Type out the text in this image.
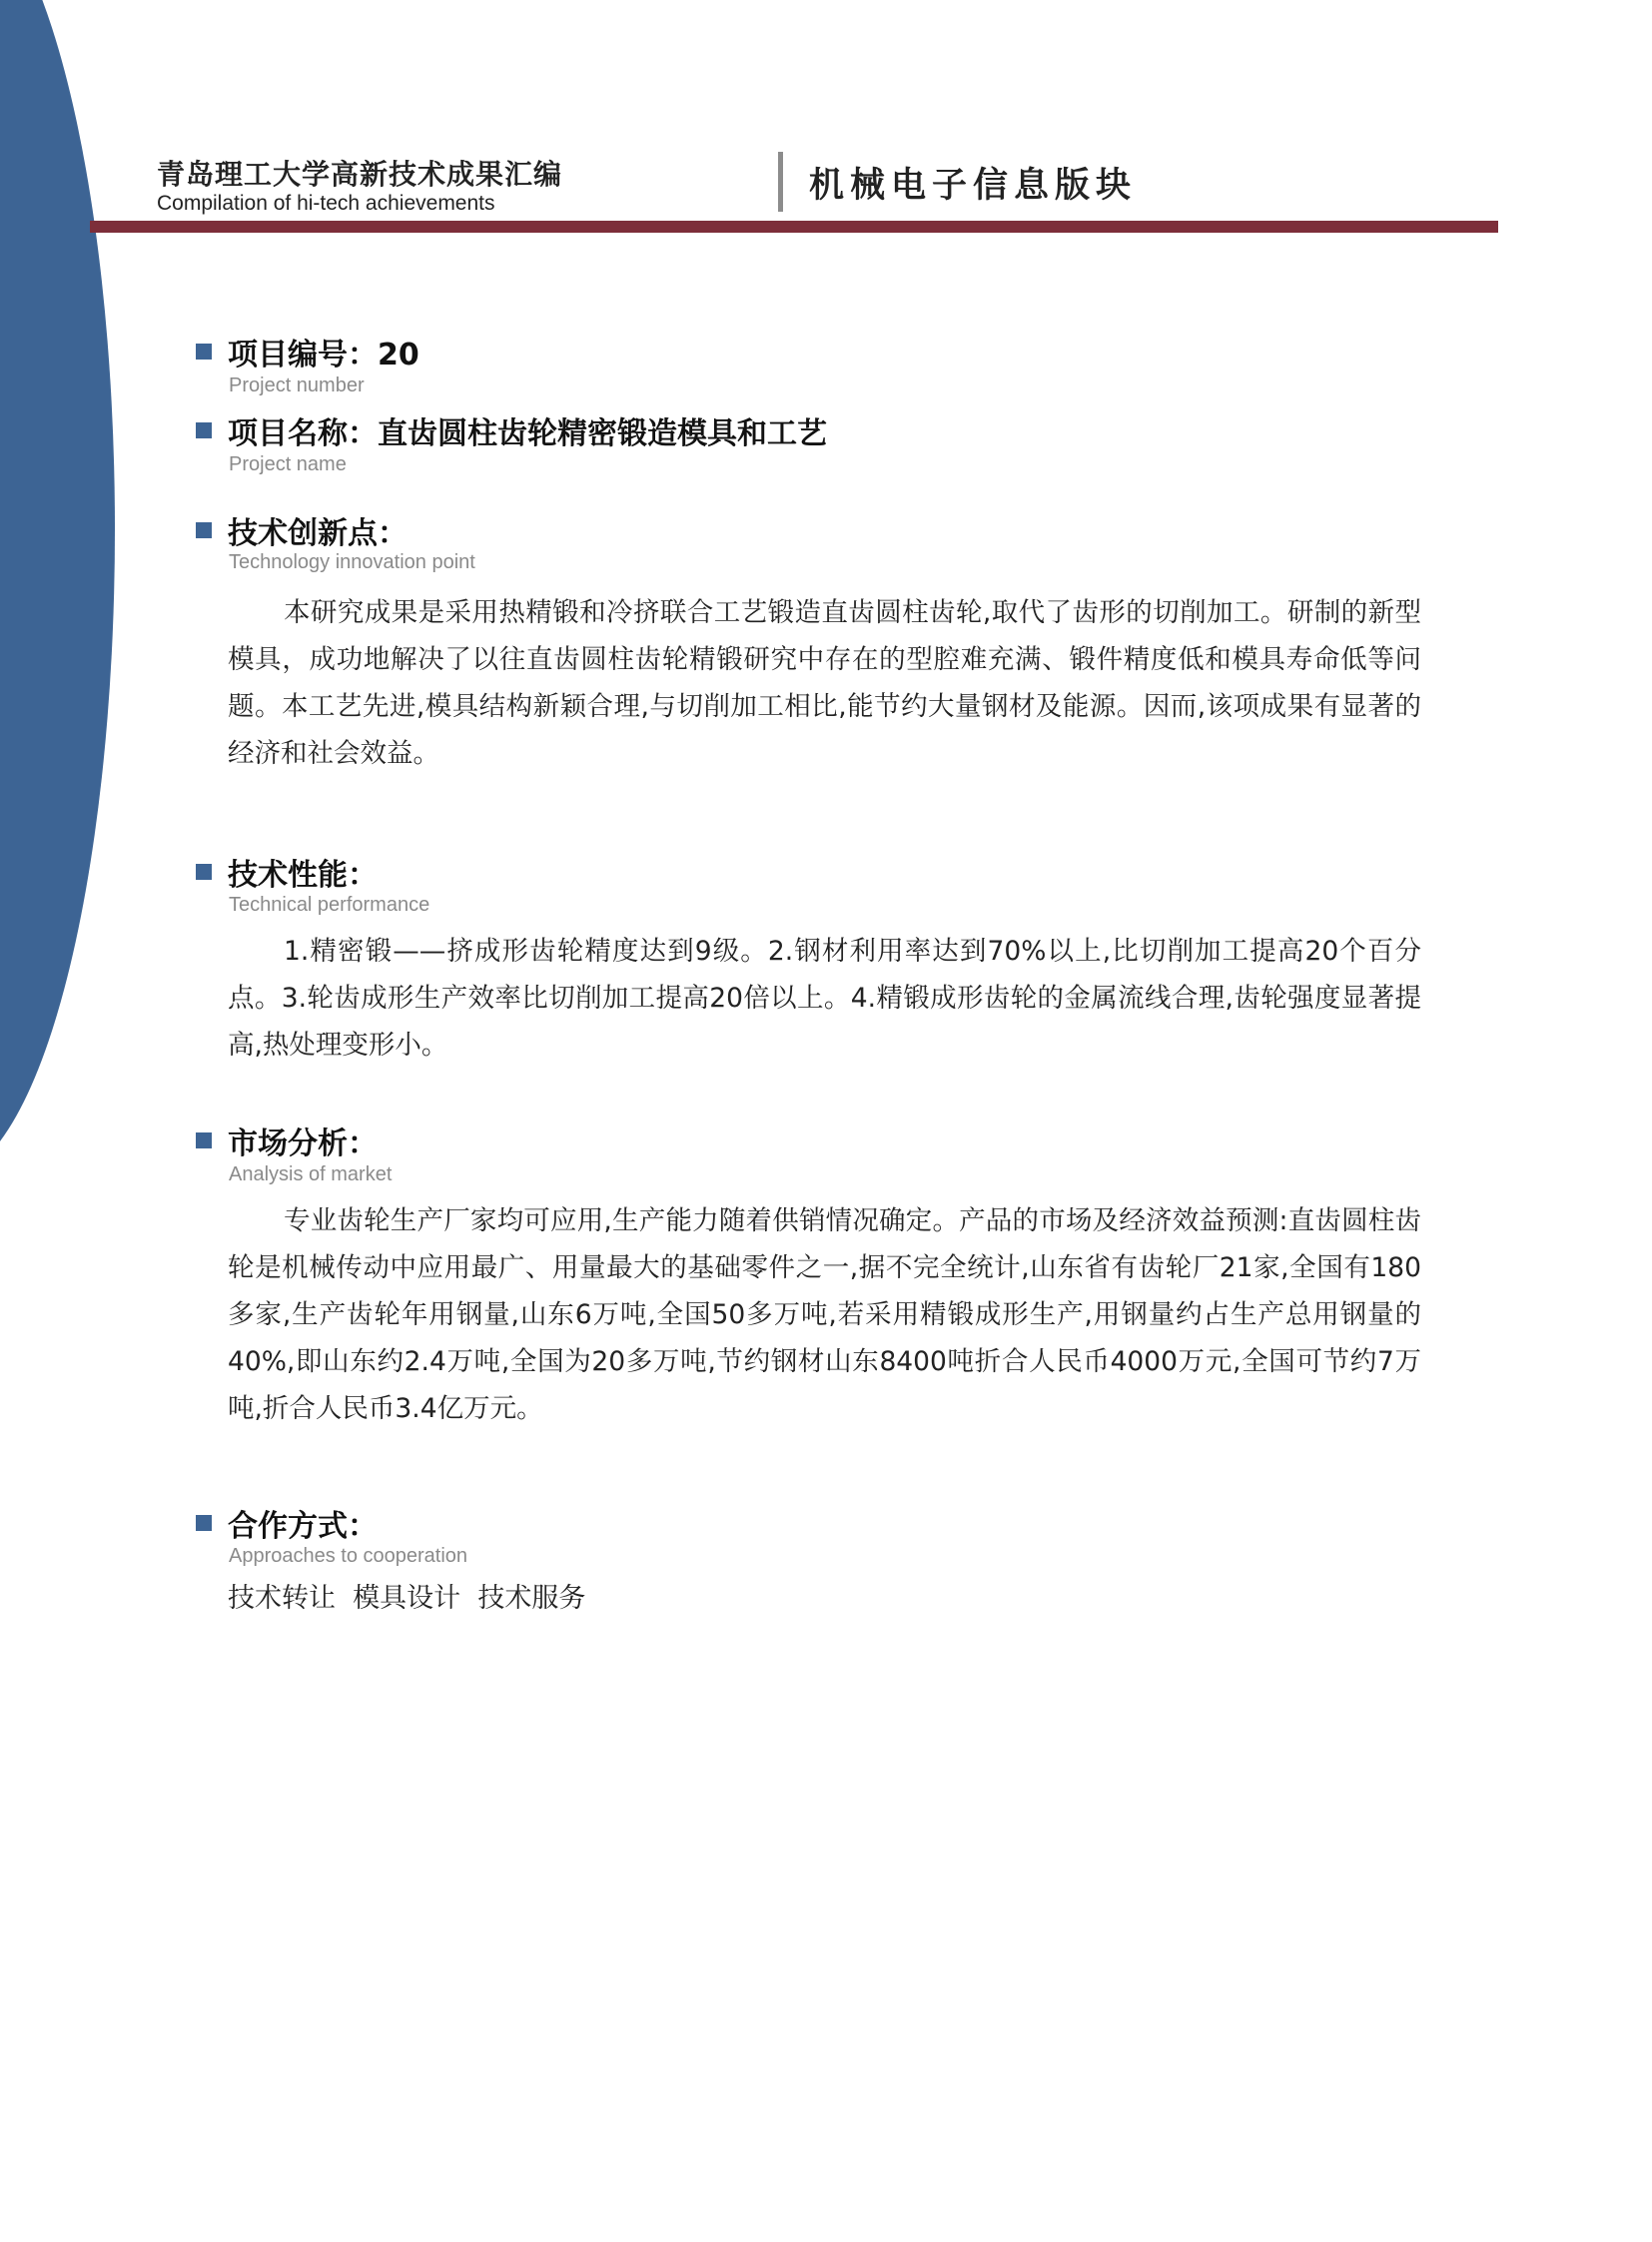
青岛理工大学高新技术成果汇编
Compilation of hi-tech achievements	机械电子信息版块
项目编号：20
Project number
项目名称：直齿圆柱齿轮精密锻造模具和工艺
Project name
技术创新点：
Technology innovation point

本研究成果是采用热精锻和冷挤联合工艺锻造直齿圆柱齿轮,取代了齿形的切削加工。研制的新型模具，成功地解决了以往直齿圆柱齿轮精锻研究中存在的型腔难充满、锻件精度低和模具寿命低等问题。本工艺先进,模具结构新颖合理,与切削加工相比,能节约大量钢材及能源。因而,该项成果有显著的经济和社会效益。

技术性能：
Technical performance

1.精密锻——挤成形齿轮精度达到9级。2.钢材利用率达到70%以上,比切削加工提高20个百分点。3.轮齿成形生产效率比切削加工提高20倍以上。4.精锻成形齿轮的金属流线合理,齿轮强度显著提高,热处理变形小。

市场分析：
Analysis of market

专业齿轮生产厂家均可应用,生产能力随着供销情况确定。产品的市场及经济效益预测:直齿圆柱齿轮是机械传动中应用最广、用量最大的基础零件之一,据不完全统计,山东省有齿轮厂21家,全国有180多家,生产齿轮年用钢量,山东6万吨,全国50多万吨,若采用精锻成形生产,用钢量约占生产总用钢量的40%,即山东约2.4万吨,全国为20多万吨,节约钢材山东8400吨折合人民币4000万元,全国可节约7万吨,折合人民币3.4亿万元。

合作方式：
Approaches to cooperation
技术转让  模具设计  技术服务
